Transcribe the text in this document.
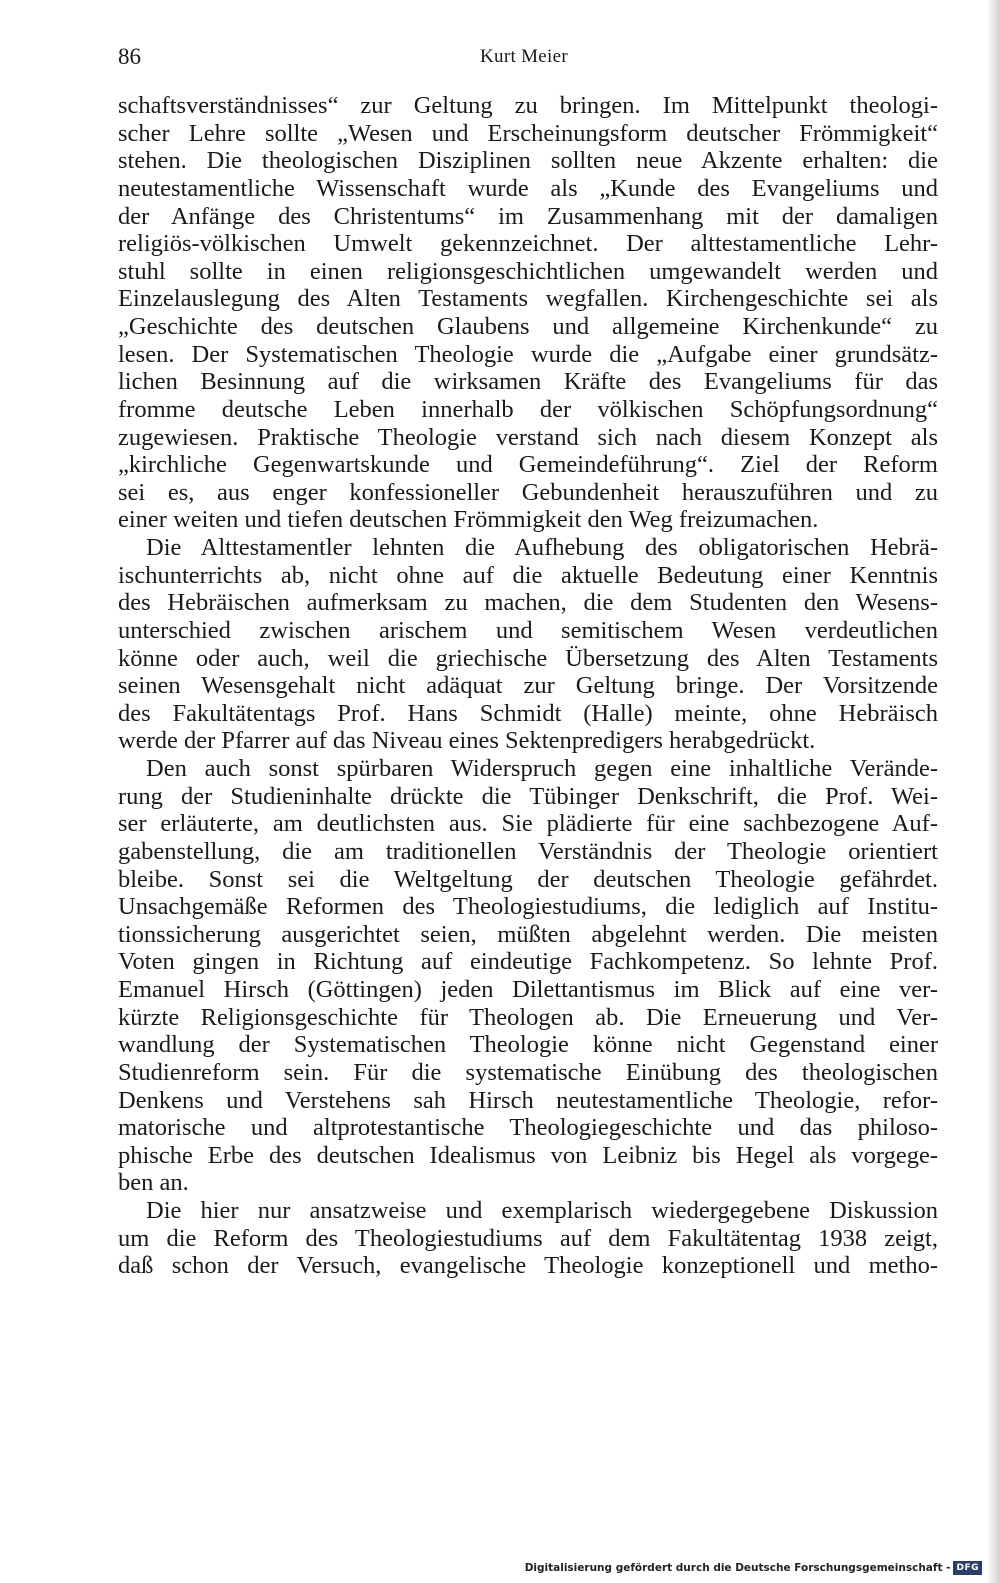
86	Kurt Meier
schaftsverständnisses“ zur Geltung zu bringen. Im Mittelpunkt theologi-
scher Lehre sollte „Wesen und Erscheinungsform deutscher Frömmigkeit“
stehen. Die theologischen Disziplinen sollten neue Akzente erhalten: die
neutestamentliche Wissenschaft wurde als „Kunde des Evangeliums und
der Anfänge des Christentums“ im Zusammenhang mit der damaligen
religiös-völkischen Umwelt gekennzeichnet. Der alttestamentliche Lehr-
stuhl sollte in einen religionsgeschichtlichen umgewandelt werden und
Einzelauslegung des Alten Testaments wegfallen. Kirchengeschichte sei als
„Geschichte des deutschen Glaubens und allgemeine Kirchenkunde“ zu
lesen. Der Systematischen Theologie wurde die „Aufgabe einer grundsätz-
lichen Besinnung auf die wirksamen Kräfte des Evangeliums für das
fromme deutsche Leben innerhalb der völkischen Schöpfungsordnung“
zugewiesen. Praktische Theologie verstand sich nach diesem Konzept als
„kirchliche Gegenwartskunde und Gemeindeführung“. Ziel der Reform
sei es, aus enger konfessioneller Gebundenheit herauszuführen und zu
einer weiten und tiefen deutschen Frömmigkeit den Weg freizumachen.
Die Alttestamentler lehnten die Aufhebung des obligatorischen Hebrä-
ischunterrichts ab, nicht ohne auf die aktuelle Bedeutung einer Kenntnis
des Hebräischen aufmerksam zu machen, die dem Studenten den Wesens-
unterschied zwischen arischem und semitischem Wesen verdeutlichen
könne oder auch, weil die griechische Übersetzung des Alten Testaments
seinen Wesensgehalt nicht adäquat zur Geltung bringe. Der Vorsitzende
des Fakultätentags Prof. Hans Schmidt (Halle) meinte, ohne Hebräisch
werde der Pfarrer auf das Niveau eines Sektenpredigers herabgedrückt.
Den auch sonst spürbaren Widerspruch gegen eine inhaltliche Verände-
rung der Studieninhalte drückte die Tübinger Denkschrift, die Prof. Wei-
ser erläuterte, am deutlichsten aus. Sie plädierte für eine sachbezogene Auf-
gabenstellung, die am traditionellen Verständnis der Theologie orientiert
bleibe. Sonst sei die Weltgeltung der deutschen Theologie gefährdet.
Unsachgemäße Reformen des Theologiestudiums, die lediglich auf Institu-
tionssicherung ausgerichtet seien, müßten abgelehnt werden. Die meisten
Voten gingen in Richtung auf eindeutige Fachkompetenz. So lehnte Prof.
Emanuel Hirsch (Göttingen) jeden Dilettantismus im Blick auf eine ver-
kürzte Religionsgeschichte für Theologen ab. Die Erneuerung und Ver-
wandlung der Systematischen Theologie könne nicht Gegenstand einer
Studienreform sein. Für die systematische Einübung des theologischen
Denkens und Verstehens sah Hirsch neutestamentliche Theologie, refor-
matorische und altprotestantische Theologiegeschichte und das philoso-
phische Erbe des deutschen Idealismus von Leibniz bis Hegel als vorgege-
ben an.
Die hier nur ansatzweise und exemplarisch wiedergegebene Diskussion
um die Reform des Theologiestudiums auf dem Fakultätentag 1938 zeigt,
daß schon der Versuch, evangelische Theologie konzeptionell und metho-
Digitalisierung gefördert durch die Deutsche Forschungsgemeinschaft - DFG
